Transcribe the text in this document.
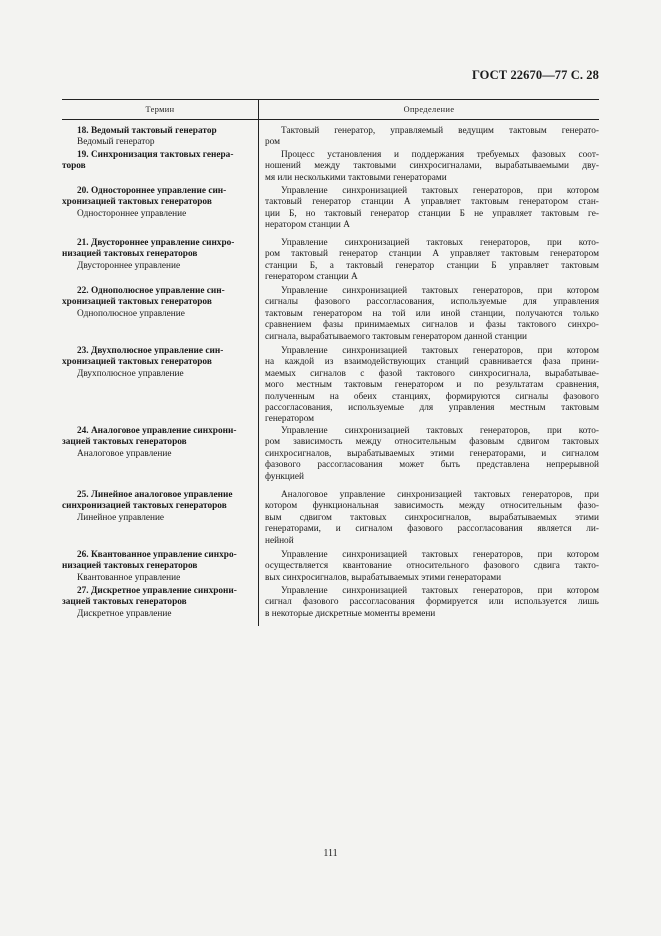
ГОСТ 22670—77 С. 28
Термин	Определение
18. Ведомый тактовый генератор
Ведомый генератор
19. Синхронизация тактовых генера-
торов
20. Одностороннее управление син-
хронизацией тактовых генераторов
Одностороннее управление
21. Двустороннее управление синхро-
низацией тактовых генераторов
Двустороннее управление
22. Однополюсное управление син-
хронизацией тактовых генераторов
Однополюсное управление
23. Двухполюсное управление син-
хронизацией тактовых генераторов
Двухполюсное управление
24. Аналоговое управление синхрони-
зацией тактовых генераторов
Аналоговое управление
25. Линейное аналоговое управление
синхронизацией тактовых генераторов
Линейное управление
26. Квантованное управление синхро-
низацией тактовых генераторов
Квантованное управление
27. Дискретное управление синхрони-
зацией тактовых генераторов
Дискретное управление
Тактовый генератор, управляемый ведущим тактовым генерато-
ром
Процесс установления и поддержания требуемых фазовых соот-
ношений между тактовыми синхросигналами, вырабатываемыми дву-
мя или несколькими тактовыми генераторами
Управление синхронизацией тактовых генераторов, при котором
тактовый генератор станции А управляет тактовым генератором стан-
ции Б, но тактовый генератор станции Б не управляет тактовым ге-
нератором станции А
Управление синхронизацией тактовых генераторов, при кото-
ром тактовый генератор станции А управляет тактовым генератором
станции Б, а тактовый генератор станции Б управляет тактовым
генератором станции А
Управление синхронизацией тактовых генераторов, при котором
сигналы фазового рассогласования, используемые для управления
тактовым генератором на той или иной станции, получаются только
сравнением фазы принимаемых сигналов и фазы тактового синхро-
сигнала, вырабатываемого тактовым генератором данной станции
Управление синхронизацией тактовых генераторов, при котором
на каждой из взаимодействующих станций сравнивается фаза прини-
маемых сигналов с фазой тактового синхросигнала, вырабатывае-
мого местным тактовым генератором и по результатам сравнения,
полученным на обеих станциях, формируются сигналы фазового
рассогласования, используемые для управления местным тактовым
генератором
Управление синхронизацией тактовых генераторов, при кото-
ром зависимость между относительным фазовым сдвигом тактовых
синхросигналов, вырабатываемых этими генераторами, и сигналом
фазового рассогласования может быть представлена непрерывной
функцией
Аналоговое управление синхронизацией тактовых генераторов, при
котором функциональная зависимость между относительным фазо-
вым сдвигом тактовых синхросигналов, вырабатываемых этими
генераторами, и сигналом фазового рассогласования является ли-
нейной
Управление синхронизацией тактовых генераторов, при котором
осуществляется квантование относительного фазового сдвига такто-
вых синхросигналов, вырабатываемых этими генераторами
Управление синхронизацией тактовых генераторов, при котором
сигнал фазового рассогласования формируется или используется лишь
в некоторые дискретные моменты времени
111
